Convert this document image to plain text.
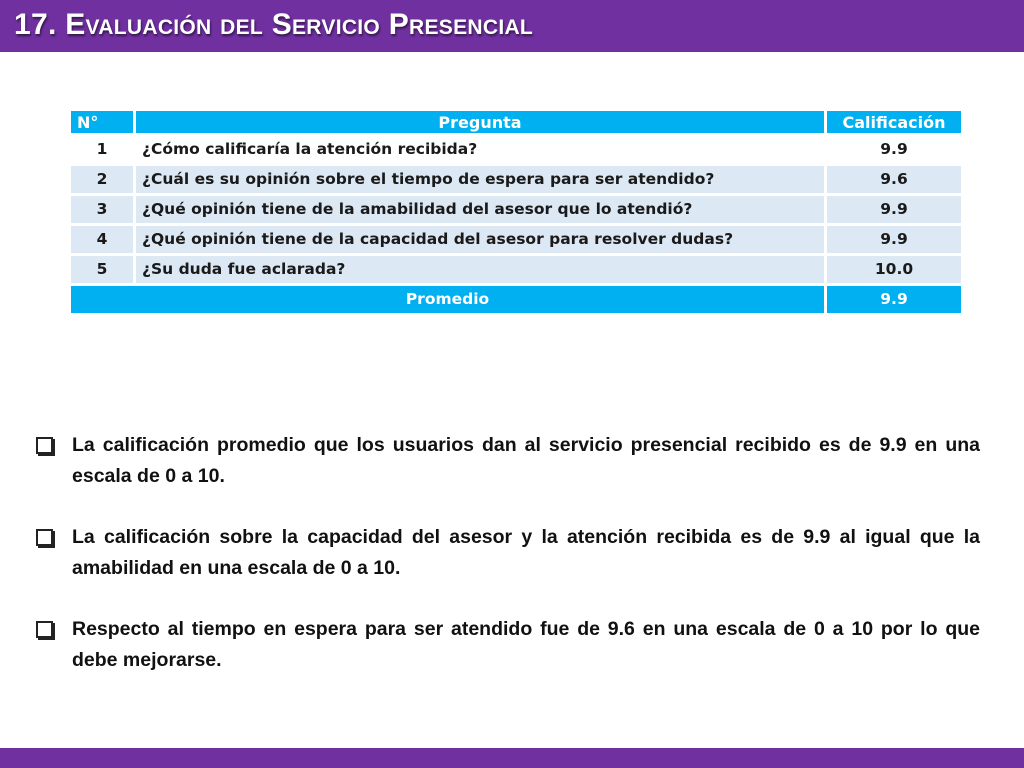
17. Evaluación del Servicio Presencial
N°	Pregunta	Calificación
1	¿Cómo calificaría la atención recibida?	9.9
2	¿Cuál es su opinión sobre el tiempo de espera para ser atendido?	9.6
3	¿Qué opinión tiene de la amabilidad del asesor que lo atendió?	9.9
4	¿Qué opinión tiene de la capacidad del asesor para resolver dudas?	9.9
5	¿Su duda fue aclarada?	10.0
Promedio		9.9
La calificación promedio que los usuarios dan al servicio presencial recibido es de 9.9 en una escala de 0 a 10.
La calificación sobre la capacidad del asesor y la atención recibida es de 9.9 al igual que la amabilidad en una escala de 0 a 10.
Respecto al tiempo en espera para ser atendido fue de 9.6 en una escala de 0 a 10 por lo que debe mejorarse.
